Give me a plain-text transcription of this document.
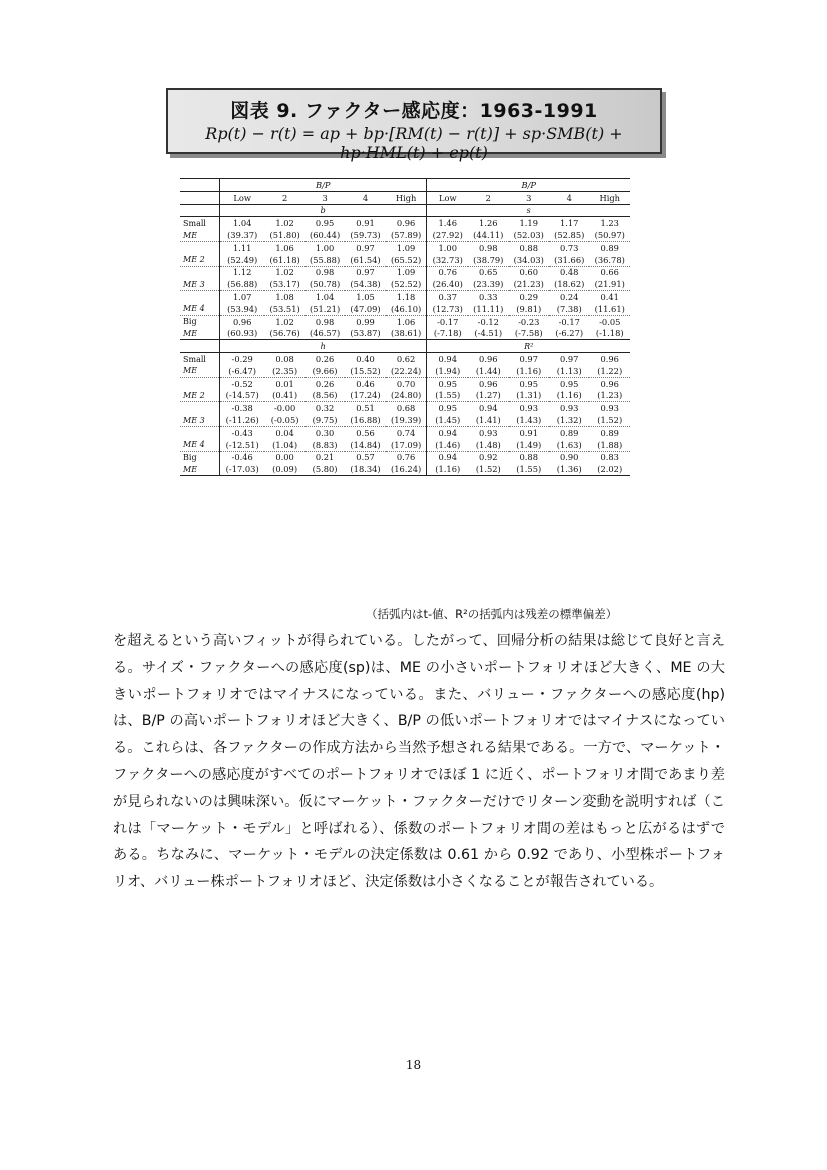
図表 9. ファクター感応度：1963-1991
Rp(t) − r(t) = ap + bp·[RM(t) − r(t)] + sp·SMB(t) + hp·HML(t) + ep(t)
	B/P					B/P				
	Low	2	3	4	High	Low	2	3	4	High
	b					s				
Small	1.04	1.02	0.95	0.91	0.96	1.46	1.26	1.19	1.17	1.23
ME	(39.37)	(51.80)	(60.44)	(59.73)	(57.89)	(27.92)	(44.11)	(52.03)	(52.85)	(50.97)
	1.11	1.06	1.00	0.97	1.09	1.00	0.98	0.88	0.73	0.89
ME 2	(52.49)	(61.18)	(55.88)	(61.54)	(65.52)	(32.73)	(38.79)	(34.03)	(31.66)	(36.78)
	1.12	1.02	0.98	0.97	1.09	0.76	0.65	0.60	0.48	0.66
ME 3	(56.88)	(53.17)	(50.78)	(54.38)	(52.52)	(26.40)	(23.39)	(21.23)	(18.62)	(21.91)
	1.07	1.08	1.04	1.05	1.18	0.37	0.33	0.29	0.24	0.41
ME 4	(53.94)	(53.51)	(51.21)	(47.09)	(46.10)	(12.73)	(11.11)	(9.81)	(7.38)	(11.61)
Big	0.96	1.02	0.98	0.99	1.06	-0.17	-0.12	-0.23	-0.17	-0.05
ME	(60.93)	(56.76)	(46.57)	(53.87)	(38.61)	(-7.18)	(-4.51)	(-7.58)	(-6.27)	(-1.18)
	h					R²				
Small	-0.29	0.08	0.26	0.40	0.62	0.94	0.96	0.97	0.97	0.96
ME	(-6.47)	(2.35)	(9.66)	(15.52)	(22.24)	(1.94)	(1.44)	(1.16)	(1.13)	(1.22)
	-0.52	0.01	0.26	0.46	0.70	0.95	0.96	0.95	0.95	0.96
ME 2	(-14.57)	(0.41)	(8.56)	(17.24)	(24.80)	(1.55)	(1.27)	(1.31)	(1.16)	(1.23)
	-0.38	-0.00	0.32	0.51	0.68	0.95	0.94	0.93	0.93	0.93
ME 3	(-11.26)	(-0.05)	(9.75)	(16.88)	(19.39)	(1.45)	(1.41)	(1.43)	(1.32)	(1.52)
	-0.43	0.04	0.30	0.56	0.74	0.94	0.93	0.91	0.89	0.89
ME 4	(-12.51)	(1.04)	(8.83)	(14.84)	(17.09)	(1.46)	(1.48)	(1.49)	(1.63)	(1.88)
Big	-0.46	0.00	0.21	0.57	0.76	0.94	0.92	0.88	0.90	0.83
ME	(-17.03)	(0.09)	(5.80)	(18.34)	(16.24)	(1.16)	(1.52)	(1.55)	(1.36)	(2.02)
（括弧内はt-値、R²の括弧内は残差の標準偏差）

を超えるという高いフィットが得られている。したがって、回帰分析の結果は総じて良好と言える。サイズ・ファクターへの感応度(sp)は、ME の小さいポートフォリオほど大きく、ME の大きいポートフォリオではマイナスになっている。また、バリュー・ファクターへの感応度(hp)は、B/P の高いポートフォリオほど大きく、B/P の低いポートフォリオではマイナスになっている。これらは、各ファクターの作成方法から当然予想される結果である。一方で、マーケット・ファクターへの感応度がすべてのポートフォリオでほぼ 1 に近く、ポートフォリオ間であまり差が見られないのは興味深い。仮にマーケット・ファクターだけでリターン変動を説明すれば（これは「マーケット・モデル」と呼ばれる）、係数のポートフォリオ間の差はもっと広がるはずである。ちなみに、マーケット・モデルの決定係数は 0.61 から 0.92 であり、小型株ポートフォリオ、バリュー株ポートフォリオほど、決定係数は小さくなることが報告されている。

18
